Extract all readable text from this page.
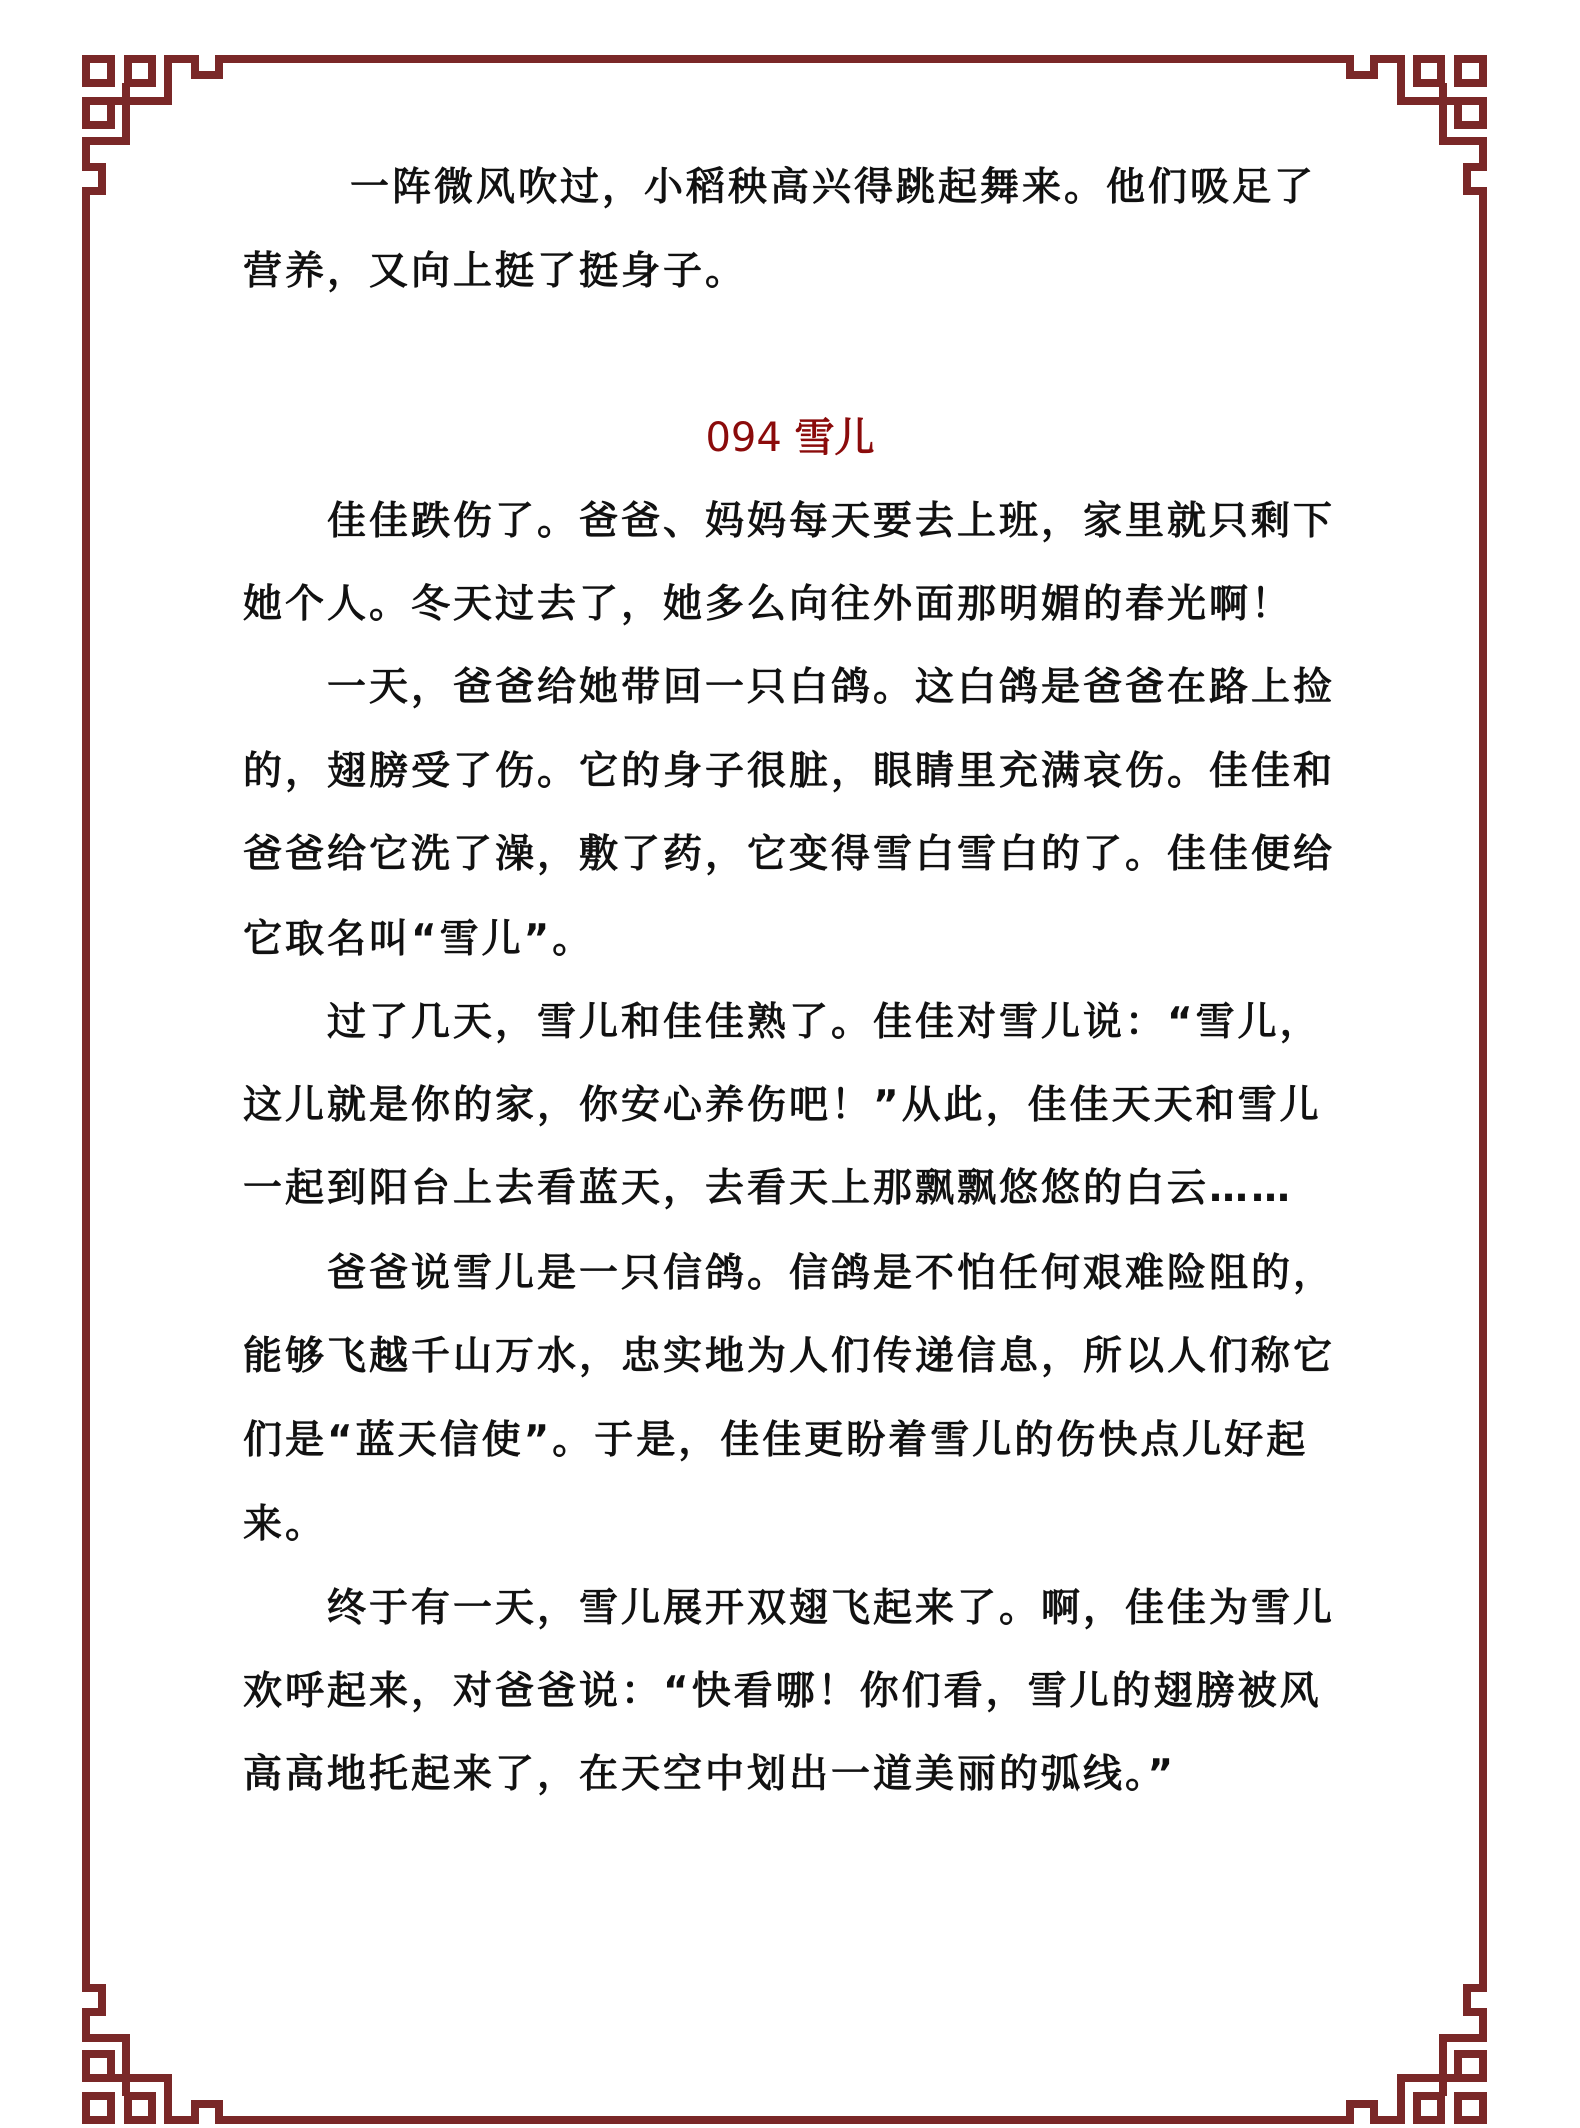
一阵微风吹过，小稻秧高兴得跳起舞来。他们吸足了
营养，又向上挺了挺身子。
094 雪儿
佳佳跌伤了。爸爸、妈妈每天要去上班，家里就只剩下
她个人。冬天过去了，她多么向往外面那明媚的春光啊！
一天，爸爸给她带回一只白鸽。这白鸽是爸爸在路上捡
的，翅膀受了伤。它的身子很脏，眼睛里充满哀伤。佳佳和
爸爸给它洗了澡，敷了药，它变得雪白雪白的了。佳佳便给
它取名叫“雪儿”。
过了几天，雪儿和佳佳熟了。佳佳对雪儿说：“雪儿，
这儿就是你的家，你安心养伤吧！”从此，佳佳天天和雪儿
一起到阳台上去看蓝天，去看天上那飘飘悠悠的白云……
爸爸说雪儿是一只信鸽。信鸽是不怕任何艰难险阻的，
能够飞越千山万水，忠实地为人们传递信息，所以人们称它
们是“蓝天信使”。于是，佳佳更盼着雪儿的伤快点儿好起
来。
终于有一天，雪儿展开双翅飞起来了。啊，佳佳为雪儿
欢呼起来，对爸爸说：“快看哪！你们看，雪儿的翅膀被风
高高地托起来了，在天空中划出一道美丽的弧线。”
